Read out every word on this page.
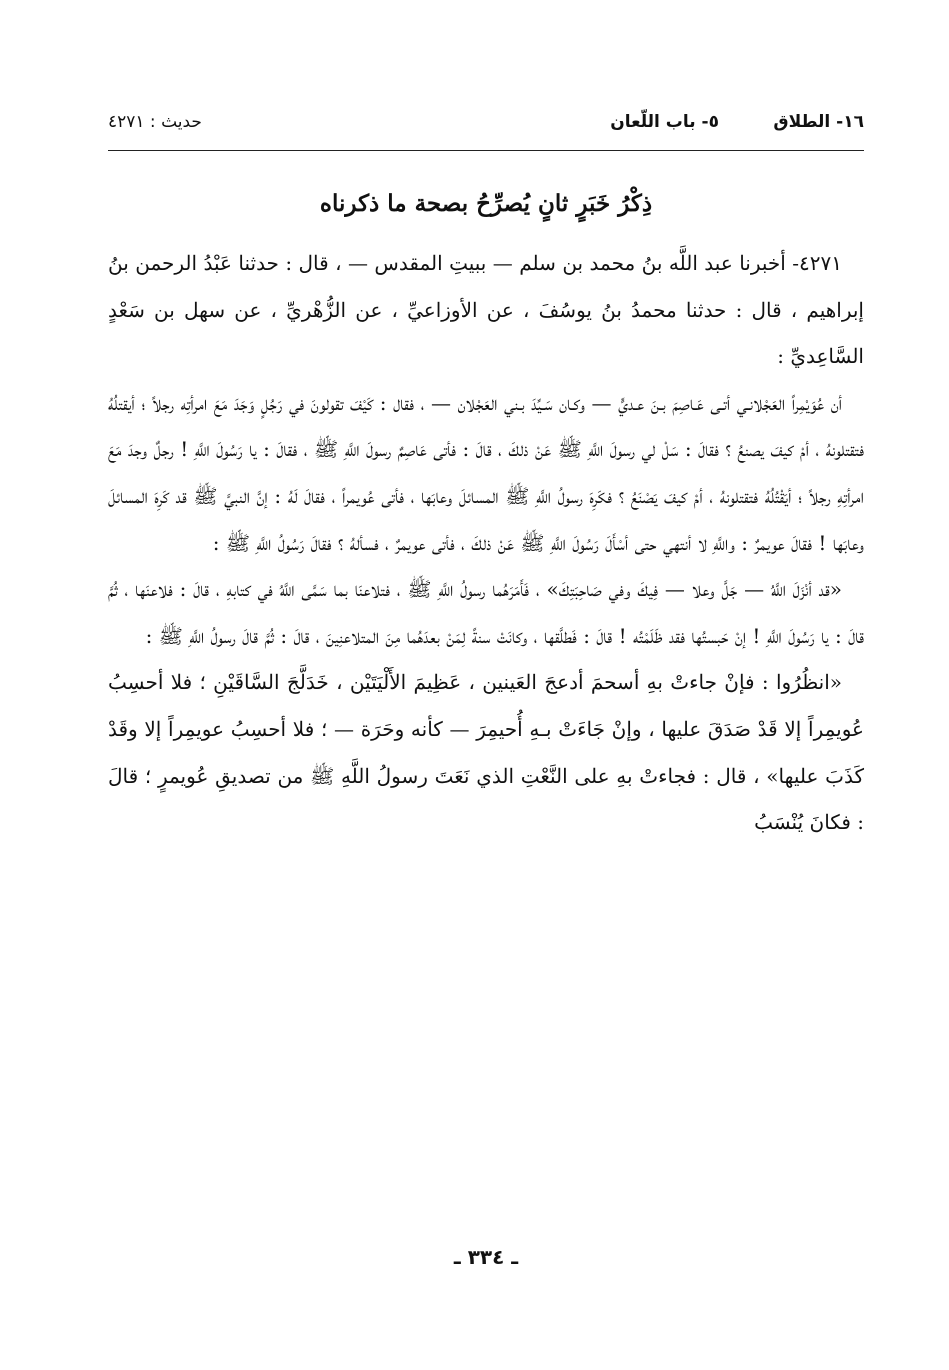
١٦- الطلاق
٥- باب اللّعان
حديث : ٤٢٧١
ذِكْرُ خَبَرٍ ثانٍ يُصرِّحُ بصحة ما ذكرناه

٤٢٧١- أخبرنا عبد اللَّه بنُ محمد بن سلم — ببيتِ المقدس — ، قال : حدثنا عَبْدُ الرحمن بنُ إبراهيم ، قال : حدثنا محمدُ بنُ يوسُفَ ، عن الأوزاعيِّ ، عن الزُّهْريِّ ، عن سهل بن سَعْدٍ السَّاعِديِّ :

أن عُوَيْمِراً العَجْلانـي أتـى عَـاصِمَ بـنَ عـديٍّ — وكـان سَـيِّدَ بـني العَجْلان — ، فقال : كَيْفَ تقولونَ في رَجُلٍ وَجَدَ مَعَ امرأتِه رجلاً ؛ أيقتلُهُ فتقتلونهُ ، أمْ كيفَ يصنعُ ؟ فقالَ : سَلْ لي رسولَ اللَّهِ ﷺ عَنْ ذلكَ ، قالَ : فأتى عَاصِمٌ رسولَ اللَّهِ ﷺ ، فقالَ : يا رَسُولَ اللَّهِ ! رجلٌ وجدَ مَعَ امرأتِهِ رجلاً ؛ أيَقْتُلُهُ فتقتلونهُ ، أمْ كيفَ يَصْنَعُ ؟ فكَرِهَ رسولُ اللَّهِ ﷺ المسائلَ وعابَها ، فأتى عُويمراً ، فقالَ لَهُ : إنَّ النبيَّ ﷺ قد كَرِهَ المسائلَ وعابَها ! فقالَ عويمرٌ : واللَّهِ لا أنتهي حتى أسْأَلَ رَسُولَ اللَّهِ ﷺ عَنْ ذلكَ ، فأتى عويمرٌ ، فسألهُ ؟ فقالَ رَسُولُ اللَّهِ ﷺ :

«قد أنْزَلَ اللَّهُ — جَلَّ وعلا — فِيكَ وفي صَاحِبَتِكَ» ، فَأَمَرَهُما رسولُ اللَّهِ ﷺ ، فتلاعنَا بما سَمَّى اللَّهُ في كتابهِ ، قالَ : فلاعنَها ، ثُمَّ قالَ : يا رَسُولَ اللَّهِ ! إنْ حَبستُها فقد ظَلَمْتُه ! قالَ : فَطلَّقها ، وكانَتْ سنةً لِمَنْ بعدَهُما مِنَ المتلاعنِينَ ، قالَ : ثُمَّ قالَ رسولُ اللَّهِ ﷺ :

«انظُرُوا : فإنْ جاءتْ بهِ أسحمَ أدعجَ العَينين ، عَظِيمَ الأَلْيَتَيْن ، خَدَلَّجَ السَّاقَيْنِ ؛ فلا أحسِبُ عُويمِراً إلا قَدْ صَدَقَ عليها ، وإنْ جَاءَتْ بـهِ أُحيمِرَ — كأنه وحَرَة — ؛ فلا أحسِبُ عويمِراً إلا وقَدْ كَذَبَ عليها» ، قال : فجاءتْ بهِ على النَّعْتِ الذي نَعَتَ رسولُ اللَّهِ ﷺ من تصديقِ عُويمرٍ ؛ قالَ : فكانَ يُنْسَبُ

ـ ٣٣٤ ـ
